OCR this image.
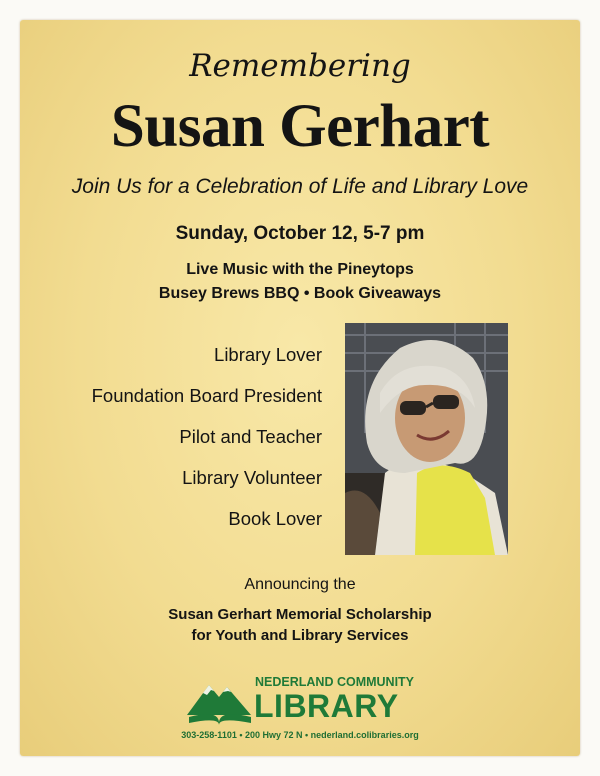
Remembering

Susan Gerhart

Join Us for a Celebration of Life and Library Love

Sunday, October 12, 5-7 pm

Live Music with the Pineytops

Busey Brews BBQ • Book Giveaways

Library Lover
Foundation Board President
Pilot and Teacher
Library Volunteer
Book Lover

Announcing the

Susan Gerhart Memorial Scholarship

for Youth and Library Services

NEDERLAND COMMUNITY
LIBRARY

303-258-1101 • 200 Hwy 72 N • nederland.colibraries.org
